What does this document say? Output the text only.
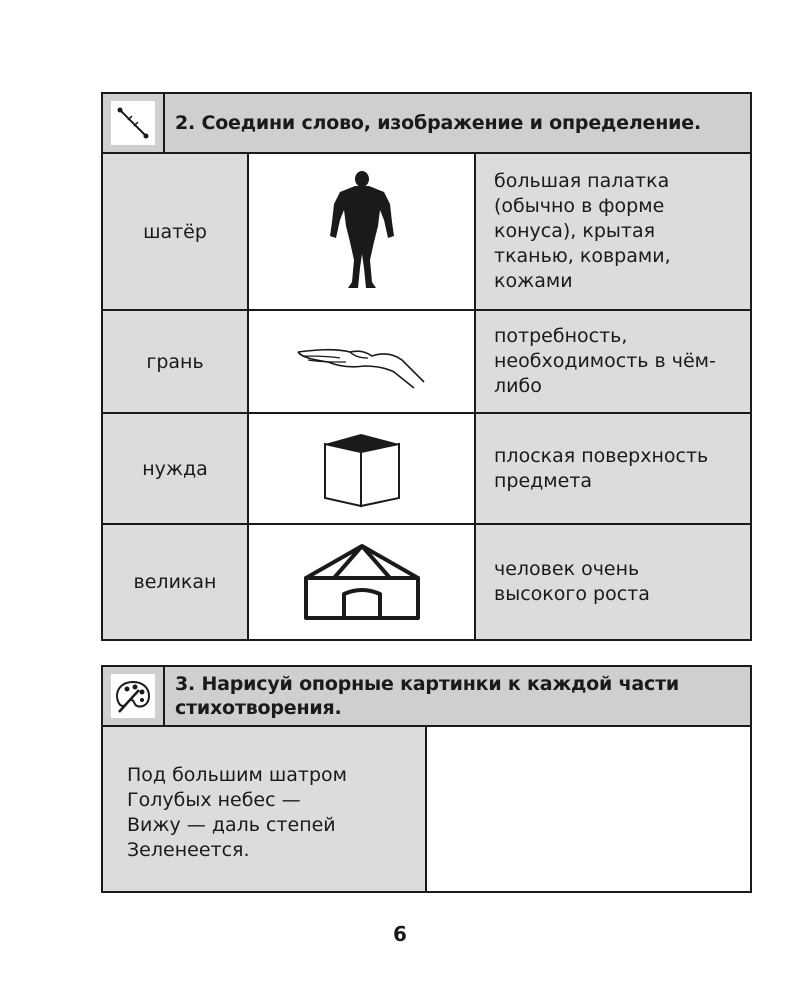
2. Соедини слово, изображение и определение.
шатёр		большая палатка
(обычно в форме
конуса), крытая
тканью, коврами,
кожами

грань		потребность,
необходимость в чём-
либо

нужда		плоская поверхность
предмета

великан		человек очень
высокого роста
3. Нарисуй опорные картинки к каждой части
стихотворения.
Под большим шатром
Голубых небес —
Вижу — даль степей
Зеленеется.
6
